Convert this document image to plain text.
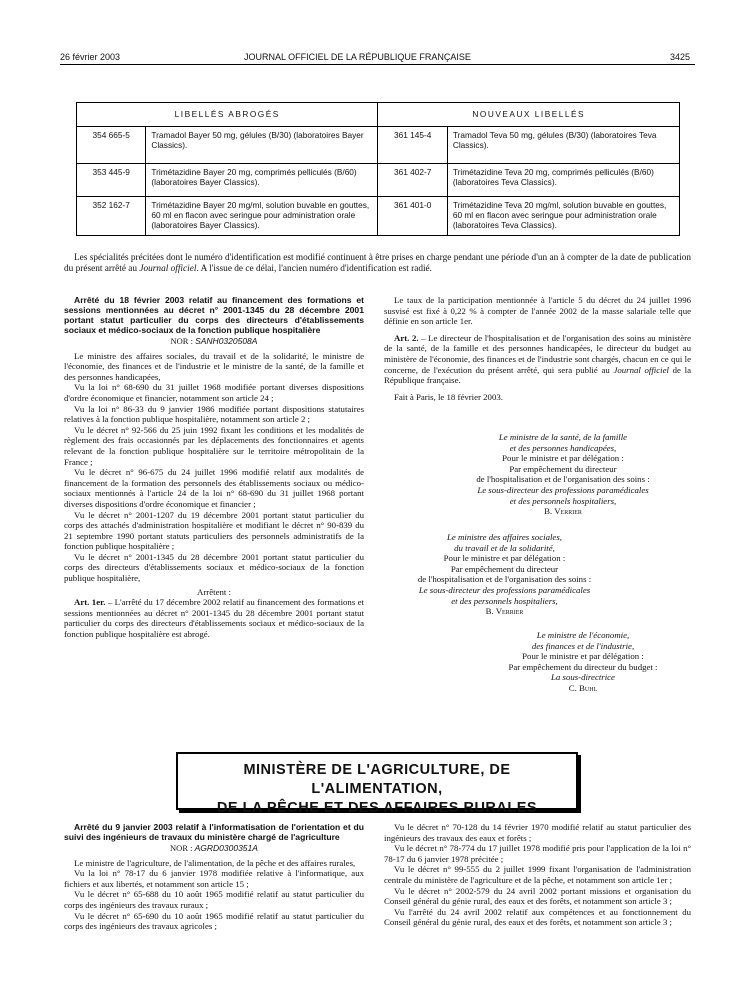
26 février 2003	JOURNAL OFFICIEL DE LA RÉPUBLIQUE FRANÇAISE	3425
LIBELLÉS ABROGÉS		NOUVEAUX LIBELLÉS	
354 665-5	Tramadol Bayer 50 mg, gélules (B/30) (laboratoires Bayer Classics).	361 145-4	Tramadol Teva 50 mg, gélules (B/30) (laboratoires Teva Classics).
353 445-9	Trimétazidine Bayer 20 mg, comprimés pelliculés (B/60) (laboratoires Bayer Classics).	361 402-7	Trimétazidine Teva 20 mg, comprimés pelliculés (B/60) (laboratoires Teva Classics).
352 162-7	Trimétazidine Bayer 20 mg/ml, solution buvable en gouttes, 60 ml en flacon avec seringue pour administration orale (laboratoires Bayer Classics).	361 401-0	Trimétazidine Teva 20 mg/ml, solution buvable en gouttes, 60 ml en flacon avec seringue pour administration orale (laboratoires Teva Classics).
Les spécialités précitées dont le numéro d'identification est modifié continuent à être prises en charge pendant une période d'un an à compter de la date de publication du présent arrêté au Journal officiel. A l'issue de ce délai, l'ancien numéro d'identification est radié.

Arrêté du 18 février 2003 relatif au financement des formations et sessions mentionnées au décret n° 2001-1345 du 28 décembre 2001 portant statut particulier du corps des directeurs d'établissements sociaux et médico-sociaux de la fonction publique hospitalière

NOR : SANH0320508A

Le ministre des affaires sociales, du travail et de la solidarité, le ministre de l'économie, des finances et de l'industrie et le ministre de la santé, de la famille et des personnes handicapées,

Vu la loi n° 68-690 du 31 juillet 1968 modifiée portant diverses dispositions d'ordre économique et financier, notamment son article 24 ;

Vu la loi n° 86-33 du 9 janvier 1986 modifiée portant dispositions statutaires relatives à la fonction publique hospitalière, notamment son article 2 ;

Vu le décret n° 92-566 du 25 juin 1992 fixant les conditions et les modalités de règlement des frais occasionnés par les déplacements des fonctionnaires et agents relevant de la fonction publique hospitalière sur le territoire métropolitain de la France ;

Vu le décret n° 96-675 du 24 juillet 1996 modifié relatif aux modalités de financement de la formation des personnels des établissements sociaux ou médico-sociaux mentionnés à l'article 24 de la loi n° 68-690 du 31 juillet 1968 portant diverses dispositions d'ordre économique et financier ;

Vu le décret n° 2001-1207 du 19 décembre 2001 portant statut particulier du corps des attachés d'administration hospitalière et modifiant le décret n° 90-839 du 21 septembre 1990 portant statuts particuliers des personnels administratifs de la fonction publique hospitalière ;

Vu le décret n° 2001-1345 du 28 décembre 2001 portant statut particulier du corps des directeurs d'établissements sociaux et médico-sociaux de la fonction publique hospitalière,

Arrêtent :

Art. 1er. – L'arrêté du 17 décembre 2002 relatif au financement des formations et sessions mentionnées au décret n° 2001-1345 du 28 décembre 2001 portant statut particulier du corps des directeurs d'établissements sociaux et médico-sociaux de la fonction publique hospitalière est abrogé.

Le taux de la participation mentionnée à l'article 5 du décret du 24 juillet 1996 susvisé est fixé à 0,22 % à compter de l'année 2002 de la masse salariale telle que définie en son article 1er.

Art. 2. – Le directeur de l'hospitalisation et de l'organisation des soins au ministère de la santé, de la famille et des personnes handicapées, le directeur du budget au ministère de l'économie, des finances et de l'industrie sont chargés, chacun en ce qui le concerne, de l'exécution du présent arrêté, qui sera publié au Journal officiel de la République française.

Fait à Paris, le 18 février 2003.

Le ministre de la santé, de la famille
et des personnes handicapées,
Pour le ministre et par délégation :
Par empêchement du directeur
de l'hospitalisation et de l'organisation des soins :
Le sous-directeur des professions paramédicales
et des personnels hospitaliers,
B. Verrier
Le ministre des affaires sociales,
du travail et de la solidarité,
Pour le ministre et par délégation :
Par empêchement du directeur
de l'hospitalisation et de l'organisation des soins :
Le sous-directeur des professions paramédicales
et des personnels hospitaliers,
B. Verrier
Le ministre de l'économie,
des finances et de l'industrie,
Pour le ministre et par délégation :
Par empêchement du directeur du budget :
La sous-directrice
C. Buhl
MINISTÈRE DE L'AGRICULTURE, DE L'ALIMENTATION,
DE LA PÊCHE ET DES AFFAIRES RURALES

Arrêté du 9 janvier 2003 relatif à l'informatisation de l'orientation et du suivi des ingénieurs de travaux du ministère chargé de l'agriculture

NOR : AGRD0300351A

Le ministre de l'agriculture, de l'alimentation, de la pêche et des affaires rurales,

Vu la loi n° 78-17 du 6 janvier 1978 modifiée relative à l'informatique, aux fichiers et aux libertés, et notamment son article 15 ;

Vu le décret n° 65-688 du 10 août 1965 modifié relatif au statut particulier du corps des ingénieurs des travaux ruraux ;

Vu le décret n° 65-690 du 10 août 1965 modifié relatif au statut particulier du corps des ingénieurs des travaux agricoles ;

Vu le décret n° 70-128 du 14 février 1970 modifié relatif au statut particulier des ingénieurs des travaux des eaux et forêts ;

Vu le décret n° 78-774 du 17 juillet 1978 modifié pris pour l'application de la loi n° 78-17 du 6 janvier 1978 précitée ;

Vu le décret n° 99-555 du 2 juillet 1999 fixant l'organisation de l'administration centrale du ministère de l'agriculture et de la pêche, et notamment son article 1er ;

Vu le décret n° 2002-579 du 24 avril 2002 portant missions et organisation du Conseil général du génie rural, des eaux et des forêts, et notamment son article 3 ;

Vu l'arrêté du 24 avril 2002 relatif aux compétences et au fonctionnement du Conseil général du génie rural, des eaux et des forêts, et notamment son article 3 ;
